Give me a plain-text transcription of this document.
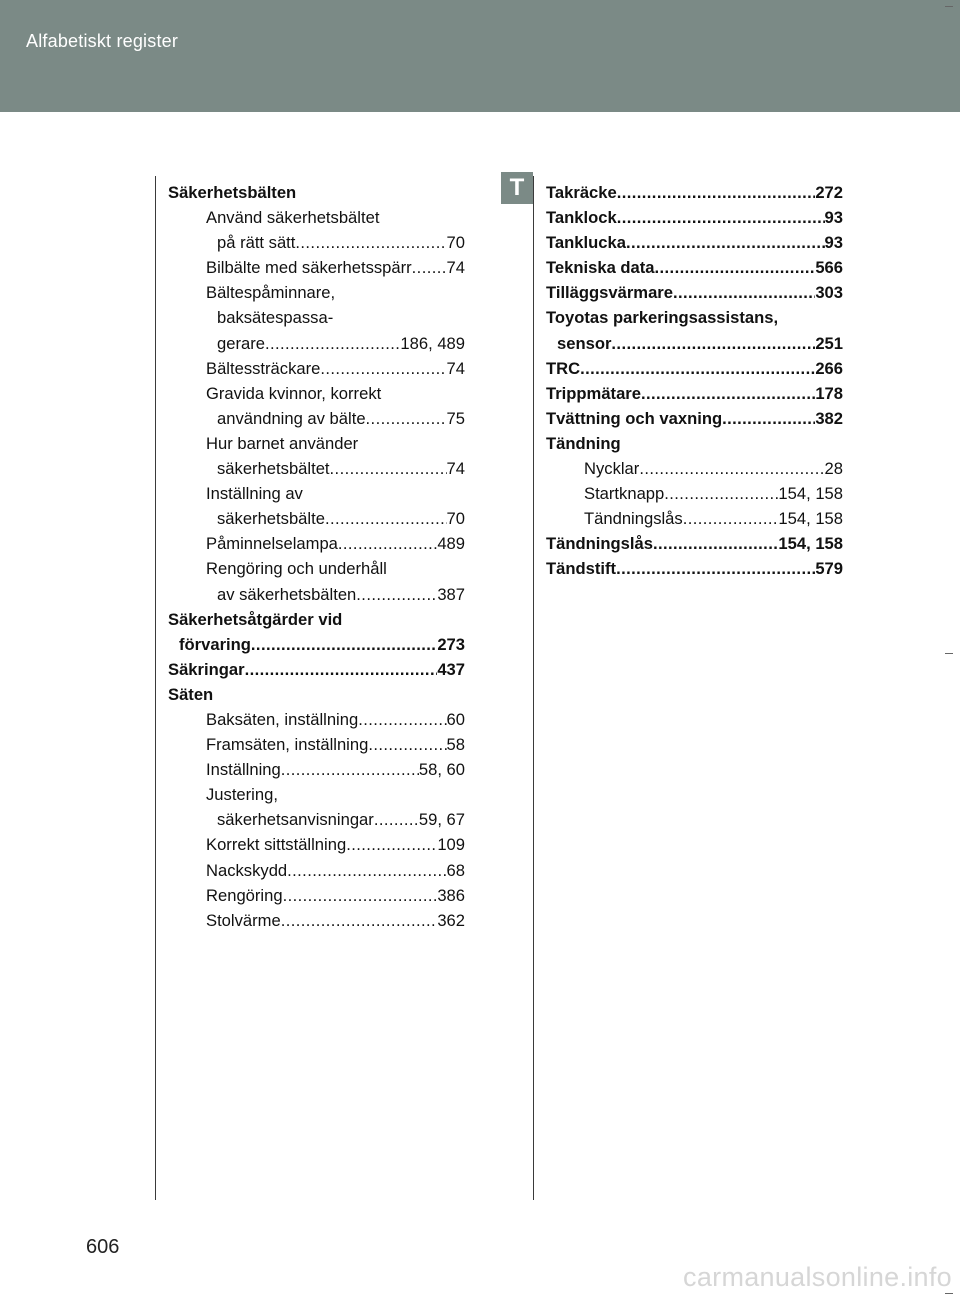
Alfabetiskt register
T
Säkerhetsbälten
Använd säkerhetsbältet
på rätt sätt .....	70
Bilbälte med säkerhetsspärr ..... 74
Bältespåminnare,
baksätespassa-
gerare .....	186, 489
Bältessträckare .....	74
Gravida kvinnor, korrekt
användning av bälte .....	75
Hur barnet använder
säkerhetsbältet .....	74
Inställning av
säkerhetsbälte .....	70
Påminnelselampa .....	489
Rengöring och underhåll
av säkerhetsbälten .....	387
Säkerhetsåtgärder vid
förvaring .....	273
Säkringar .....	437
Säten
Baksäten, inställning .....	60
Framsäten, inställning .....	58
Inställning .....	58, 60
Justering,
säkerhetsanvisningar .....	59, 67
Korrekt sittställning .....	109
Nackskydd .....	68
Rengöring .....	386
Stolvärme .....	362
Takräcke .....	272
Tanklock .....	93
Tanklucka .....	93
Tekniska data .....	566
Tilläggsvärmare .....	303
Toyotas parkeringsassistans,
sensor .....	251
TRC .....	266
Trippmätare .....	178
Tvättning och vaxning .....	382
Tändning
Nycklar .....	28
Startknapp .....	154, 158
Tändningslås .....	154, 158
Tändningslås .....	154, 158
Tändstift .....	579
606
carmanualsonline.info
